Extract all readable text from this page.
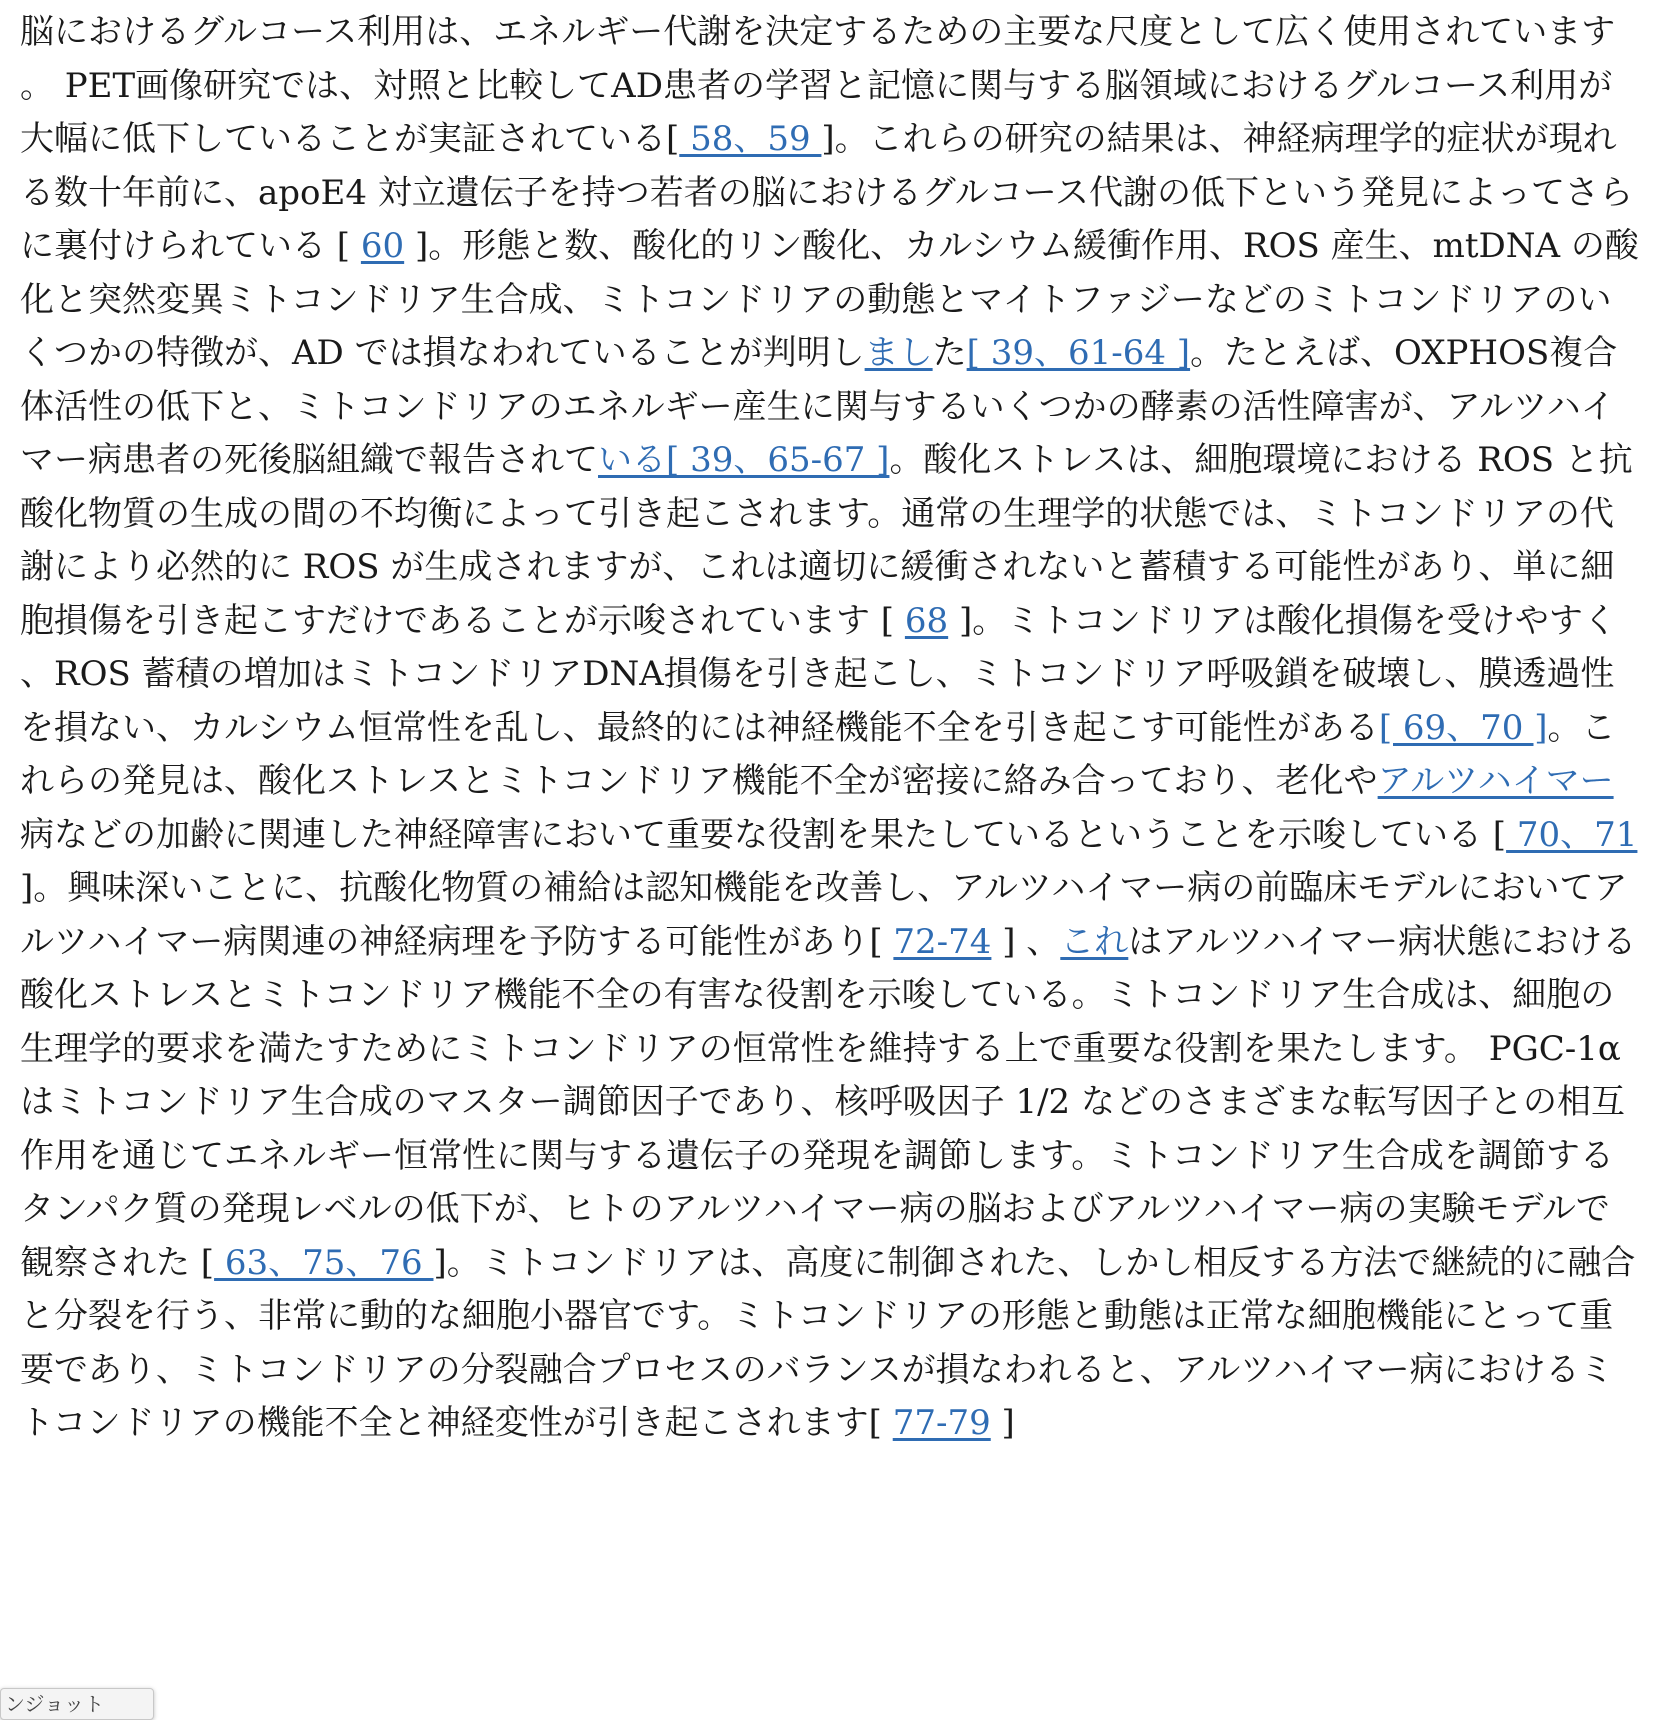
脳におけるグルコース利用は、エネルギー代謝を決定するための主要な尺度として広く使用されています。 PET画像研究では、対照と比較してAD患者の学習と記憶に関与する脳領域におけるグルコース利用が大幅に低下していることが実証されている[ 58、59 ]。これらの研究の結果は、神経病理学的症状が現れる数十年前に、apoE4 対立遺伝子を持つ若者の脳におけるグルコース代謝の低下という発見によってさらに裏付けられている [ 60 ]。形態と数、酸化的リン酸化、カルシウム緩衝作用、ROS 産生、mtDNA の酸化と突然変異ミトコンドリア生合成、ミトコンドリアの動態とマイトファジーなどのミトコンドリアのいくつかの特徴が、AD では損なわれていることが判明しました[ 39、61-64 ]。たとえば、OXPHOS複合体活性の低下と、ミトコンドリアのエネルギー産生に関与するいくつかの酵素の活性障害が、アルツハイマー病患者の死後脳組織で報告されている[ 39、65-67 ]。酸化ストレスは、細胞環境における ROS と抗酸化物質の生成の間の不均衡によって引き起こされます。通常の生理学的状態では、ミトコンドリアの代謝により必然的に ROS が生成されますが、これは適切に緩衝されないと蓄積する可能性があり、単に細胞損傷を引き起こすだけであることが示唆されています [ 68 ]。ミトコンドリアは酸化損傷を受けやすく、ROS 蓄積の増加はミトコンドリアDNA損傷を引き起こし、ミトコンドリア呼吸鎖を破壊し、膜透過性を損ない、カルシウム恒常性を乱し、最終的には神経機能不全を引き起こす可能性がある[ 69、70 ]。これらの発見は、酸化ストレスとミトコンドリア機能不全が密接に絡み合っており、老化やアルツハイマー病などの加齢に関連した神経障害において重要な役割を果たしているということを示唆している [ 70、71 ]。興味深いことに、抗酸化物質の補給は認知機能を改善し、アルツハイマー病の前臨床モデルにおいてアルツハイマー病関連の神経病理を予防する可能性があり[ 72-74 ] 、これはアルツハイマー病状態における酸化ストレスとミトコンドリア機能不全の有害な役割を示唆している。ミトコンドリア生合成は、細胞の生理学的要求を満たすためにミトコンドリアの恒常性を維持する上で重要な役割を果たします。 PGC-1α はミトコンドリア生合成のマスター調節因子であり、核呼吸因子 1/2 などのさまざまな転写因子との相互作用を通じてエネルギー恒常性に関与する遺伝子の発現を調節します。ミトコンドリア生合成を調節するタンパク質の発現レベルの低下が、ヒトのアルツハイマー病の脳およびアルツハイマー病の実験モデルで観察された [ 63、75、76 ]。ミトコンドリアは、高度に制御された、しかし相反する方法で継続的に融合と分裂を行う、非常に動的な細胞小器官です。ミトコンドリアの形態と動態は正常な細胞機能にとって重要であり、ミトコンドリアの分裂融合プロセスのバランスが損なわれると、アルツハイマー病におけるミトコンドリアの機能不全と神経変性が引き起こされます[ 77-79 ]

ンジョット
